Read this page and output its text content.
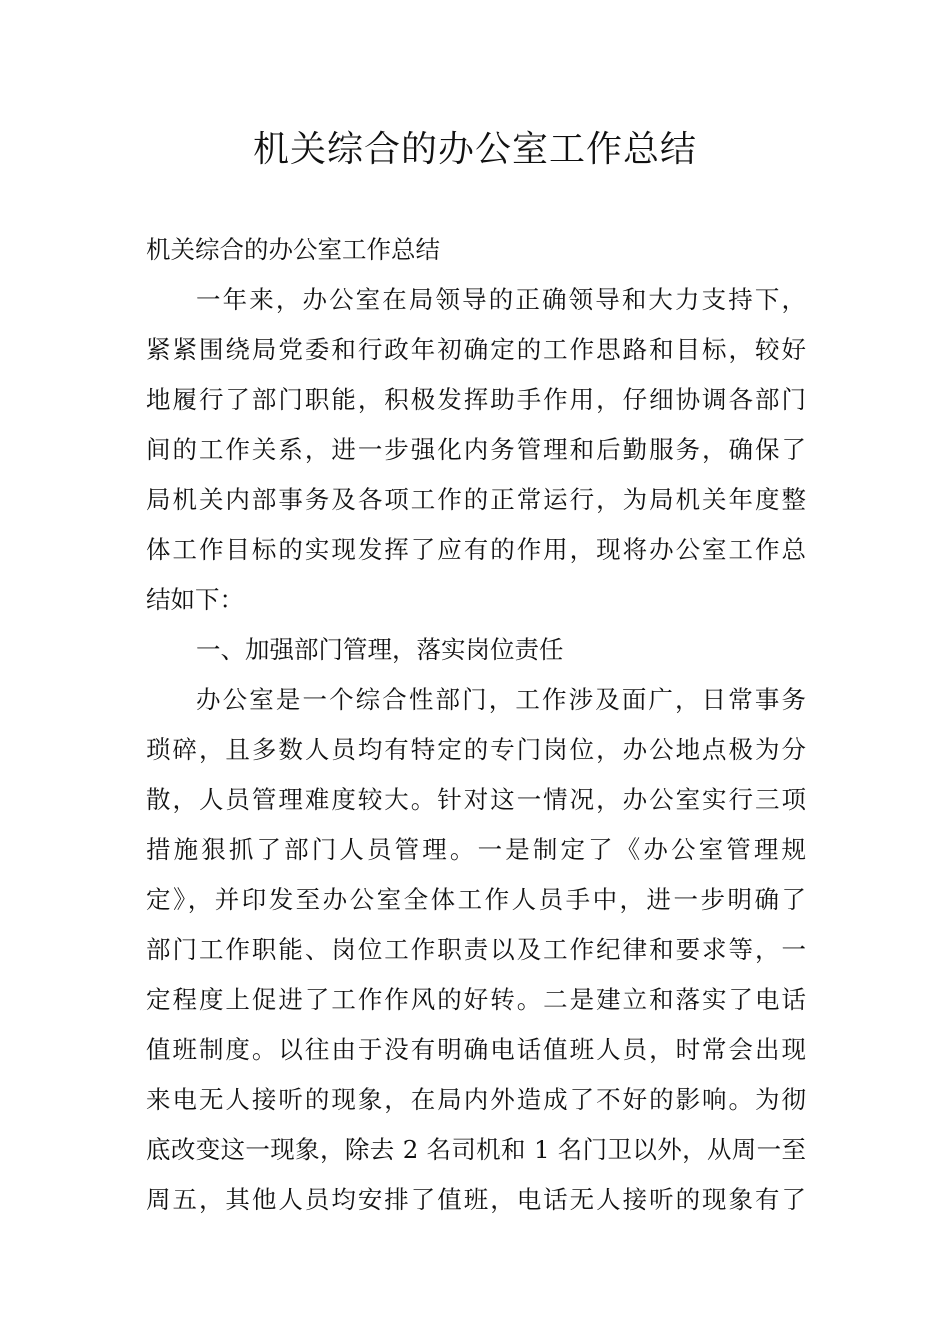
机关综合的办公室工作总结
机关综合的办公室工作总结
一年来，办公室在局领导的正确领导和大力支持下，
紧紧围绕局党委和行政年初确定的工作思路和目标，较好
地履行了部门职能，积极发挥助手作用，仔细协调各部门
间的工作关系，进一步强化内务管理和后勤服务，确保了
局机关内部事务及各项工作的正常运行，为局机关年度整
体工作目标的实现发挥了应有的作用，现将办公室工作总
结如下：
一、加强部门管理，落实岗位责任
办公室是一个综合性部门，工作涉及面广，日常事务
琐碎，且多数人员均有特定的专门岗位，办公地点极为分
散，人员管理难度较大。针对这一情况，办公室实行三项
措施狠抓了部门人员管理。一是制定了《办公室管理规
定》，并印发至办公室全体工作人员手中，进一步明确了
部门工作职能、岗位工作职责以及工作纪律和要求等，一
定程度上促进了工作作风的好转。二是建立和落实了电话
值班制度。以往由于没有明确电话值班人员，时常会出现
来电无人接听的现象，在局内外造成了不好的影响。为彻
底改变这一现象，除去 2 名司机和 1 名门卫以外，从周一至
周五，其他人员均安排了值班，电话无人接听的现象有了
